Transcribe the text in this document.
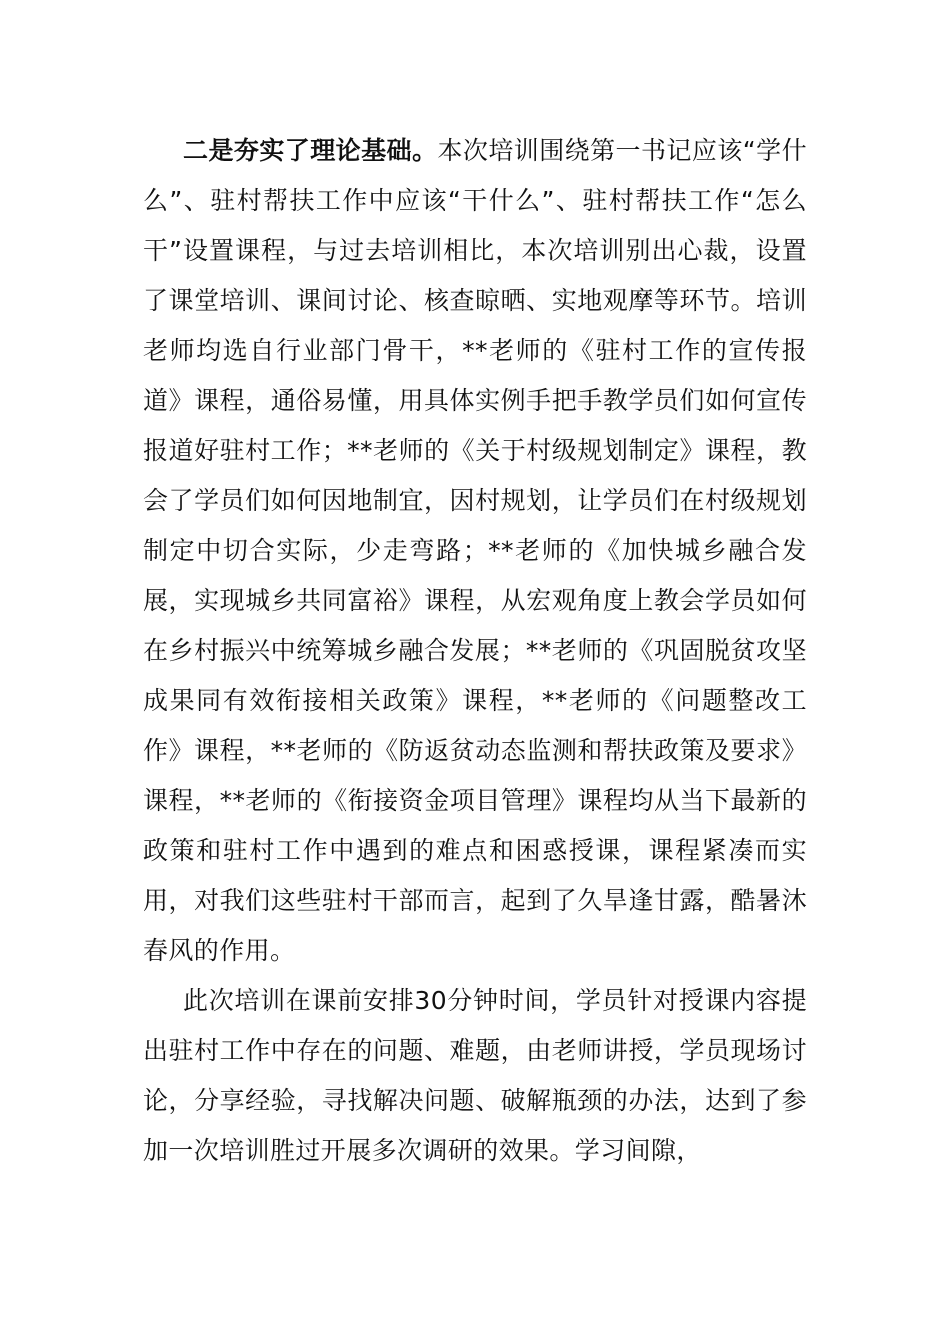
二是夯实了理论基础。本次培训围绕第一书记应该“学什么”、驻村帮扶工作中应该“干什么”、驻村帮扶工作“怎么干”设置课程，与过去培训相比，本次培训别出心裁，设置了课堂培训、课间讨论、核查晾晒、实地观摩等环节。培训老师均选自行业部门骨干，**老师的《驻村工作的宣传报道》课程，通俗易懂，用具体实例手把手教学员们如何宣传报道好驻村工作；**老师的《关于村级规划制定》课程，教会了学员们如何因地制宜，因村规划，让学员们在村级规划制定中切合实际，少走弯路；**老师的《加快城乡融合发展，实现城乡共同富裕》课程，从宏观角度上教会学员如何在乡村振兴中统筹城乡融合发展；**老师的《巩固脱贫攻坚成果同有效衔接相关政策》课程，**老师的《问题整改工作》课程，**老师的《防返贫动态监测和帮扶政策及要求》课程，**老师的《衔接资金项目管理》课程均从当下最新的政策和驻村工作中遇到的难点和困惑授课，课程紧凑而实用，对我们这些驻村干部而言，起到了久旱逢甘露，酷暑沐春风的作用。

此次培训在课前安排30分钟时间，学员针对授课内容提出驻村工作中存在的问题、难题，由老师讲授，学员现场讨论，分享经验，寻找解决问题、破解瓶颈的办法，达到了参加一次培训胜过开展多次调研的效果。学习间隙，
